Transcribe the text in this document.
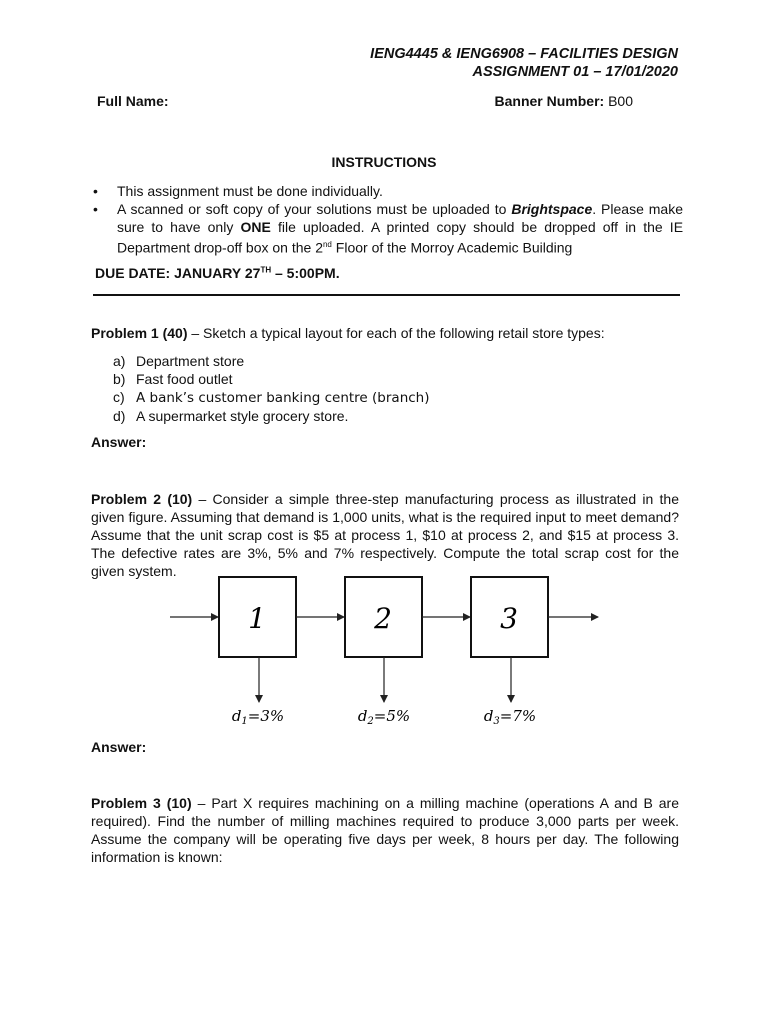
IENG4445 & IENG6908 – FACILITIES DESIGN
ASSIGNMENT 01 – 17/01/2020
Full Name:	Banner Number: B00
INSTRUCTIONS
• This assignment must be done individually.
• A scanned or soft copy of your solutions must be uploaded to Brightspace. Please make sure to have only ONE file uploaded. A printed copy should be dropped off in the IE Department drop-off box on the 2nd Floor of the Morroy Academic Building
DUE DATE: JANUARY 27TH – 5:00PM.
Problem 1 (40) – Sketch a typical layout for each of the following retail store types:
a) Department store
b) Fast food outlet
c) A bank’s customer banking centre (branch)
d) A supermarket style grocery store.
Answer:
Problem 2 (10) – Consider a simple three-step manufacturing process as illustrated in the given figure. Assuming that demand is 1,000 units, what is the required input to meet demand? Assume that the unit scrap cost is $5 at process 1, $10 at process 2, and $15 at process 3. The defective rates are 3%, 5% and 7% respectively. Compute the total scrap cost for the given system.
1	2	3
$d_1=3\%$	$d_2=5\%$	$d_3=7\%$
Answer:
Problem 3 (10) – Part X requires machining on a milling machine (operations A and B are required). Find the number of milling machines required to produce 3,000 parts per week. Assume the company will be operating five days per week, 8 hours per day. The following information is known:
